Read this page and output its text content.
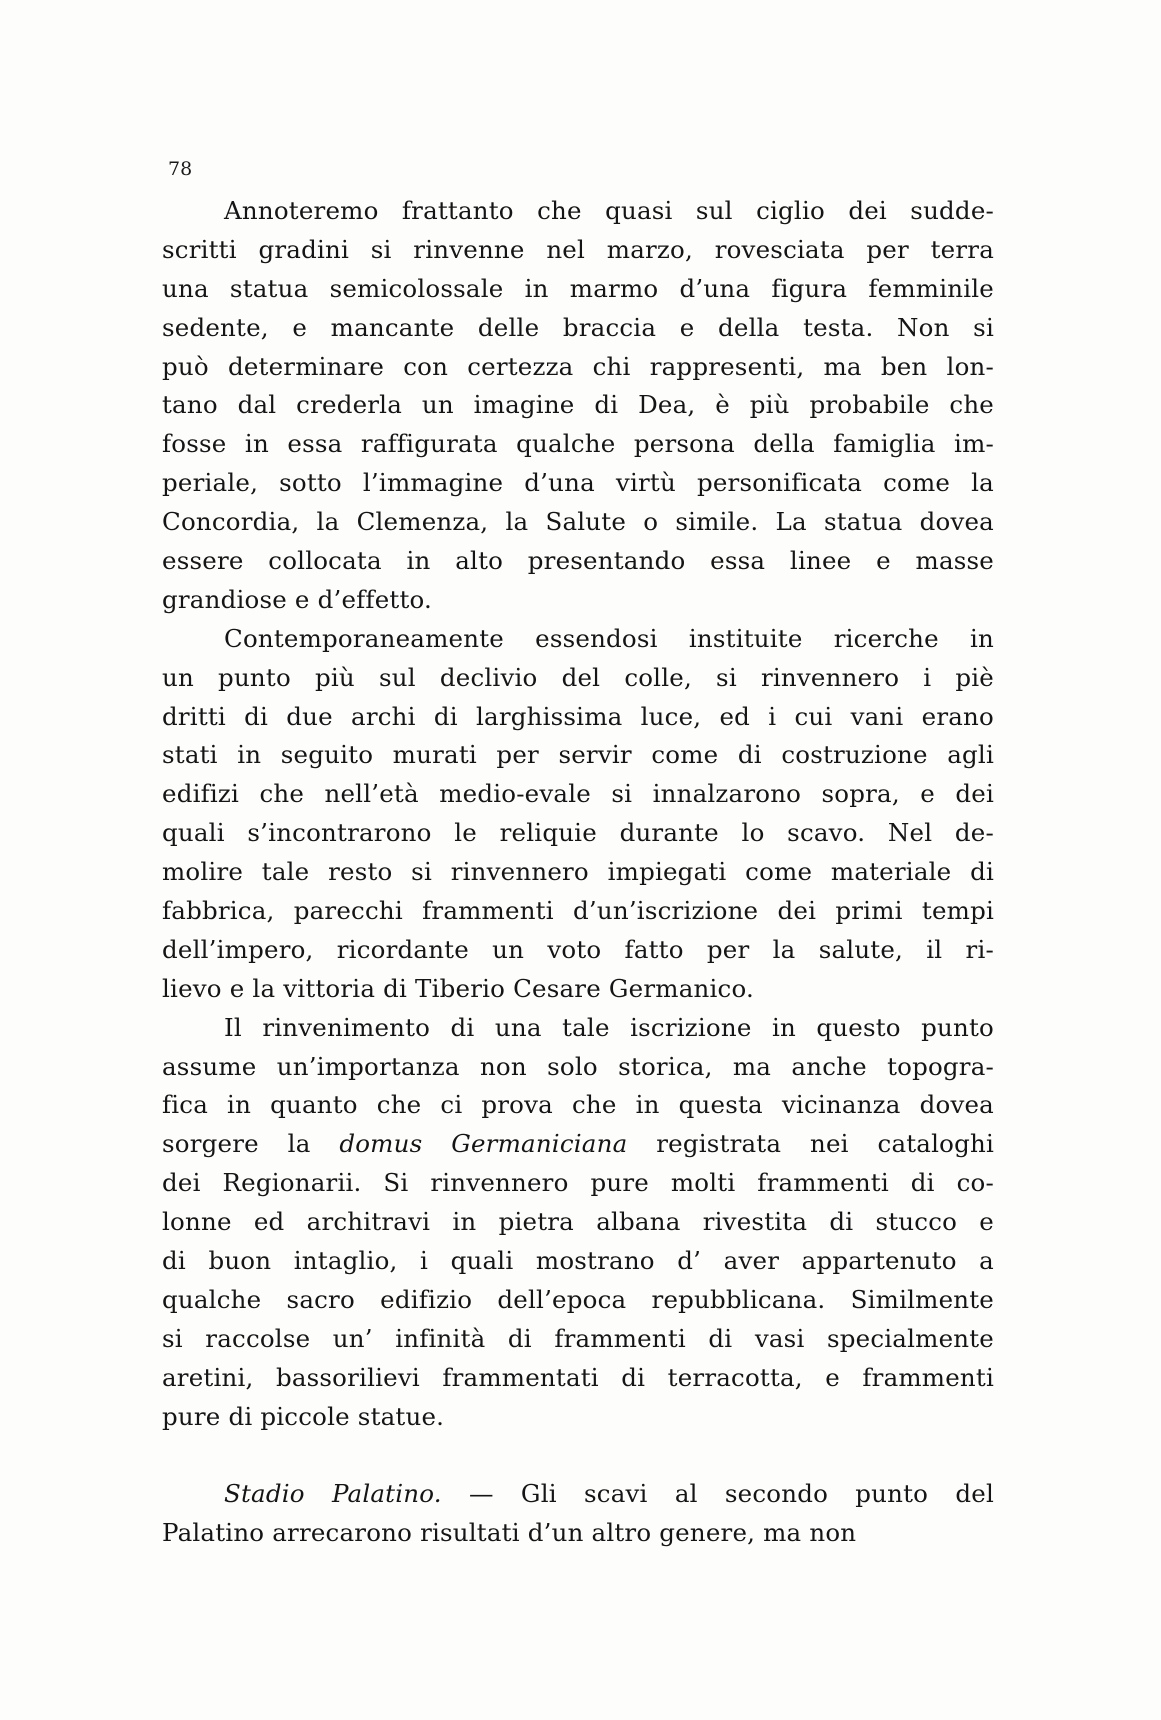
78
Annoteremo frattanto che quasi sul ciglio dei sudde-
scritti gradini si rinvenne nel marzo, rovesciata per terra
una statua semicolossale in marmo d’una figura femminile
sedente, e mancante delle braccia e della testa. Non si
può determinare con certezza chi rappresenti, ma ben lon-
tano dal crederla un imagine di Dea, è più probabile che
fosse in essa raffigurata qualche persona della famiglia im-
periale, sotto l’immagine d’una virtù personificata come la
Concordia, la Clemenza, la Salute o simile. La statua dovea
essere collocata in alto presentando essa linee e masse
grandiose e d’effetto.
Contemporaneamente essendosi instituite ricerche in
un punto più sul declivio del colle, si rinvennero i piè
dritti di due archi di larghissima luce, ed i cui vani erano
stati in seguito murati per servir come di costruzione agli
edifizi che nell’età medio-evale si innalzarono sopra, e dei
quali s’incontrarono le reliquie durante lo scavo. Nel de-
molire tale resto si rinvennero impiegati come materiale di
fabbrica, parecchi frammenti d’un’iscrizione dei primi tempi
dell’impero, ricordante un voto fatto per la salute, il ri-
lievo e la vittoria di Tiberio Cesare Germanico.
Il rinvenimento di una tale iscrizione in questo punto
assume un’importanza non solo storica, ma anche topogra-
fica in quanto che ci prova che in questa vicinanza dovea
sorgere la domus Germaniciana registrata nei cataloghi
dei Regionarii. Si rinvennero pure molti frammenti di co-
lonne ed architravi in pietra albana rivestita di stucco e
di buon intaglio, i quali mostrano d’ aver appartenuto a
qualche sacro edifizio dell’epoca repubblicana. Similmente
si raccolse un’ infinità di frammenti di vasi specialmente
aretini, bassorilievi frammentati di terracotta, e frammenti
pure di piccole statue.
Stadio Palatino. — Gli scavi al secondo punto del
Palatino arrecarono risultati d’un altro genere, ma non
